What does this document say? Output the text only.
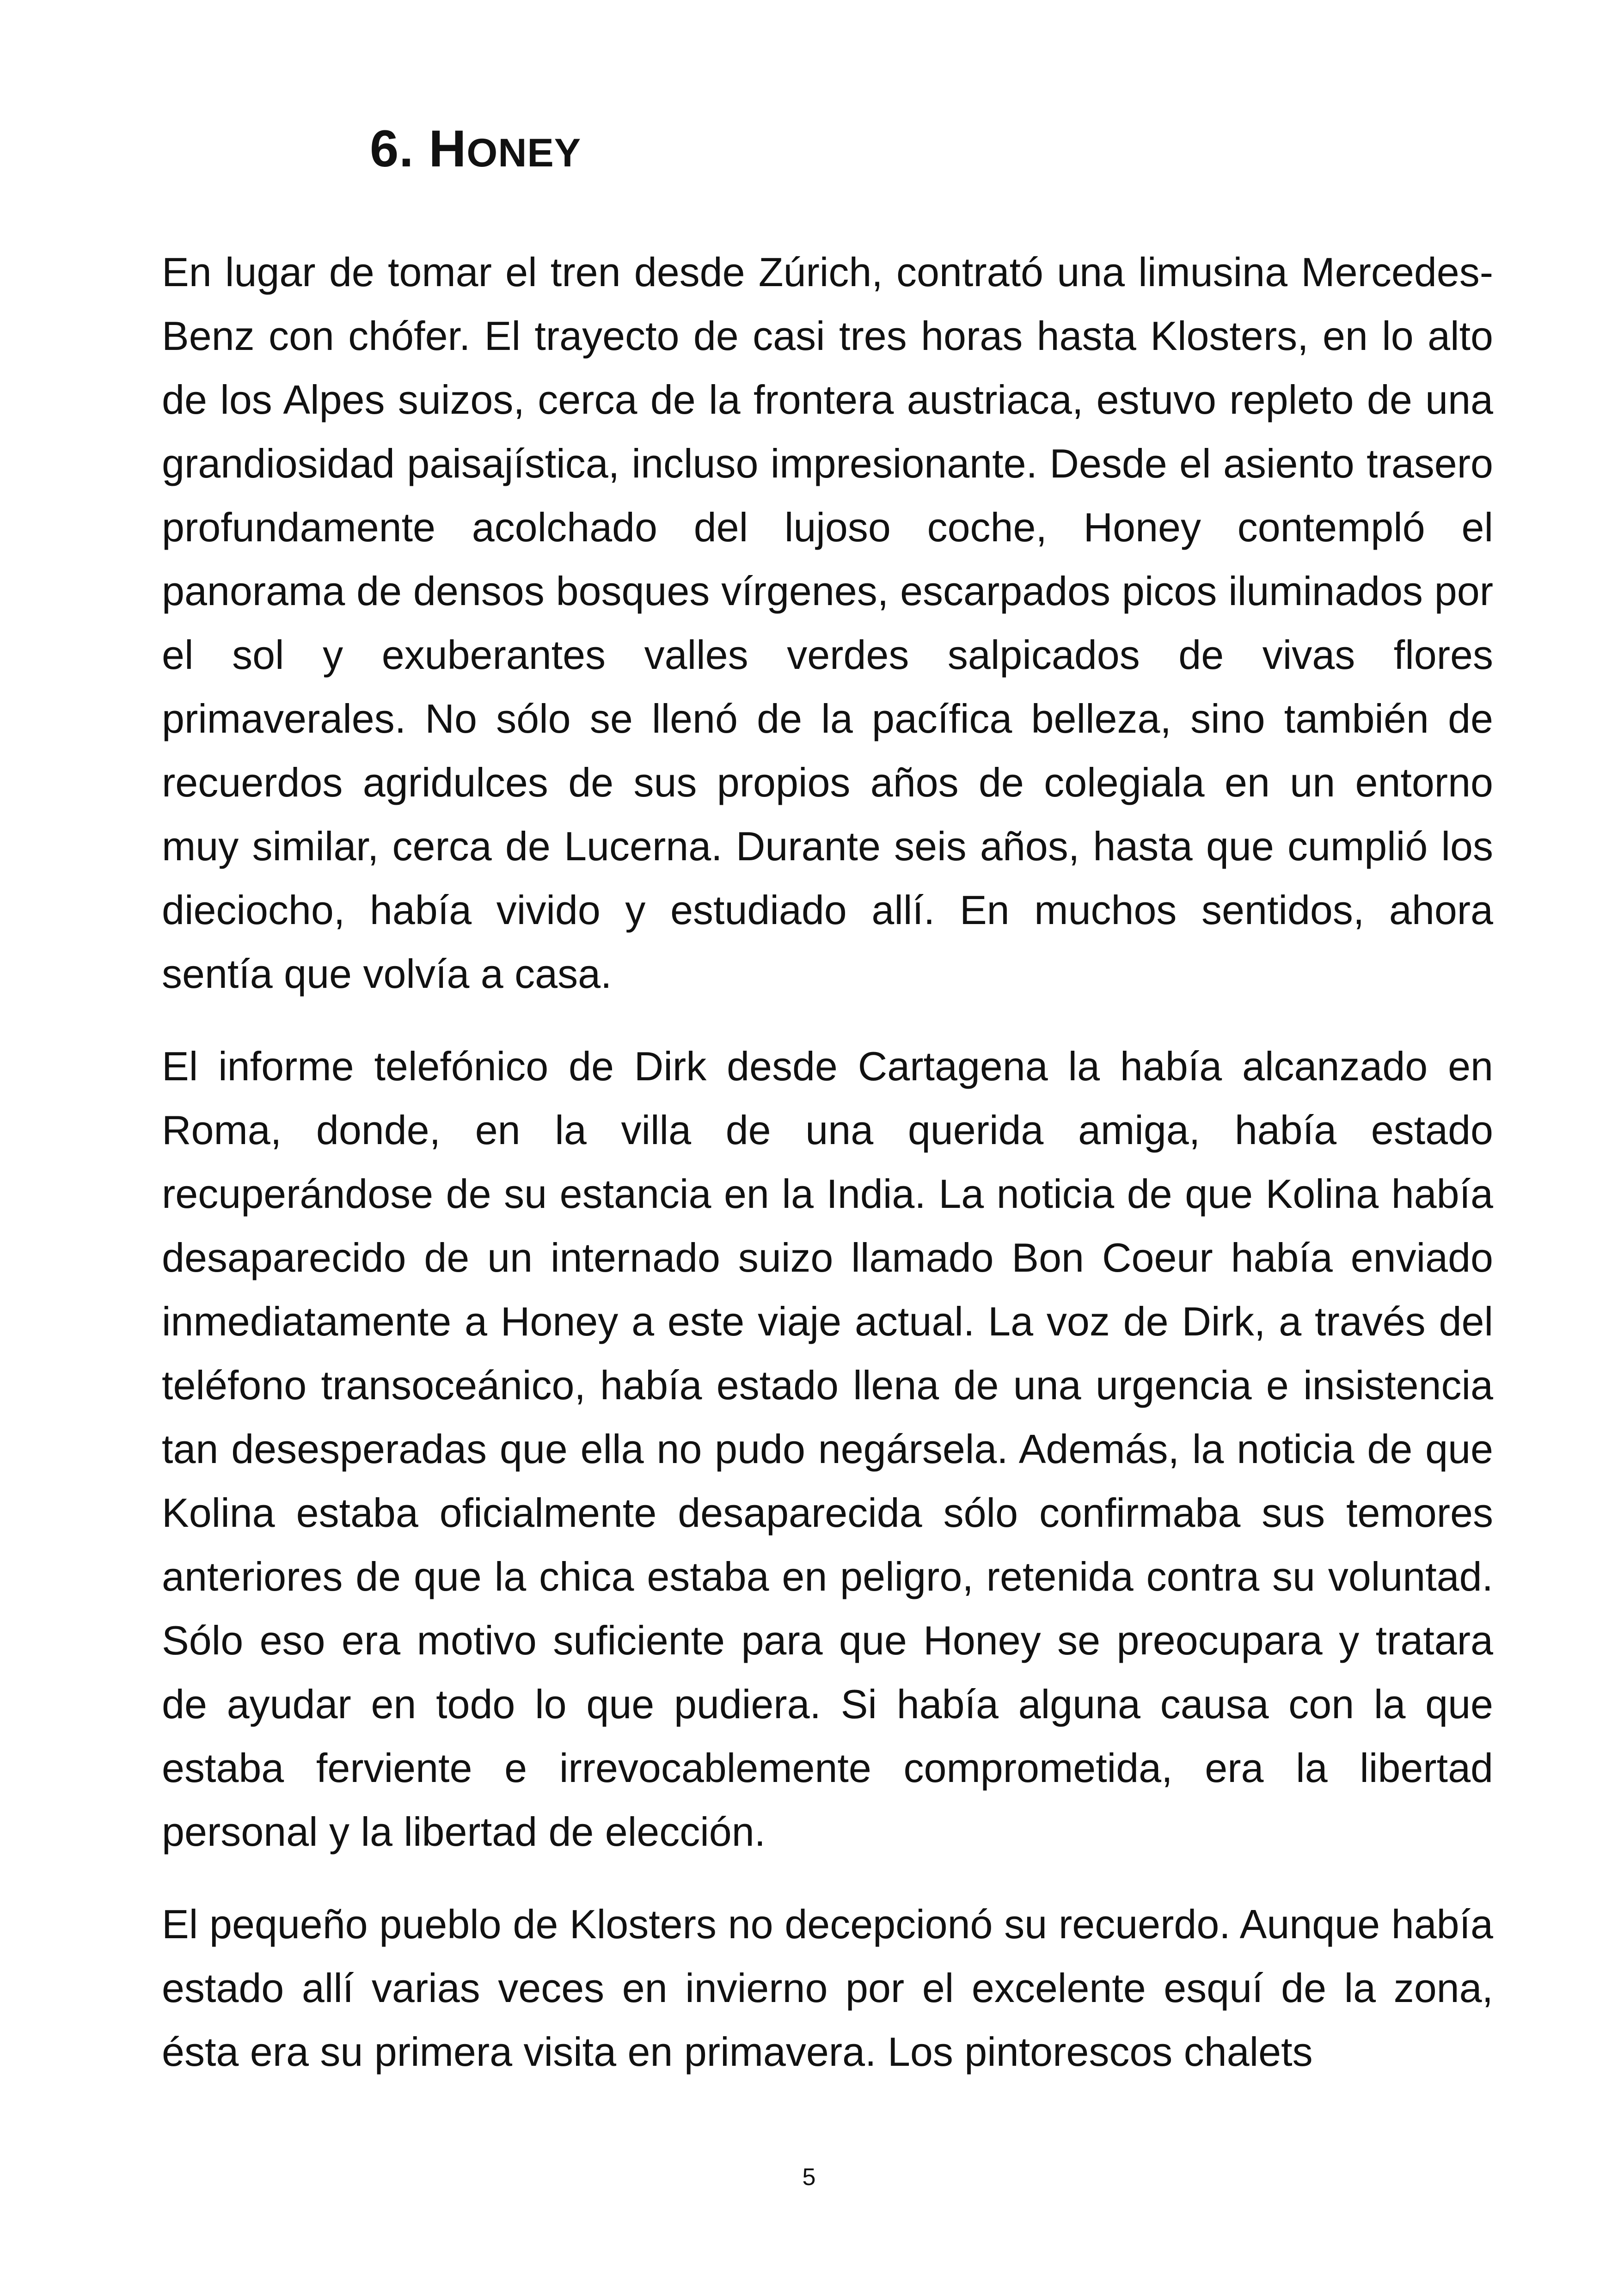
6. HONEY

En lugar de tomar el tren desde Zúrich, contrató una limusina Mercedes-Benz con chófer. El trayecto de casi tres horas hasta Klosters, en lo alto de los Alpes suizos, cerca de la frontera austriaca, estuvo repleto de una grandiosidad paisajística, incluso impresionante. Desde el asiento trasero profundamente acolchado del lujoso coche, Honey contempló el panorama de densos bosques vírgenes, escarpados picos iluminados por el sol y exuberantes valles verdes salpicados de vivas flores primaverales. No sólo se llenó de la pacífica belleza, sino también de recuerdos agridulces de sus propios años de colegiala en un entorno muy similar, cerca de Lucerna. Durante seis años, hasta que cumplió los dieciocho, había vivido y estudiado allí. En muchos sentidos, ahora sentía que volvía a casa.

El informe telefónico de Dirk desde Cartagena la había alcanzado en Roma, donde, en la villa de una querida amiga, había estado recuperándose de su estancia en la India. La noticia de que Kolina había desaparecido de un internado suizo llamado Bon Coeur había enviado inmediatamente a Honey a este viaje actual. La voz de Dirk, a través del teléfono transoceánico, había estado llena de una urgencia e insistencia tan desesperadas que ella no pudo negársela. Además, la noticia de que Kolina estaba oficialmente desaparecida sólo confirmaba sus temores anteriores de que la chica estaba en peligro, retenida contra su voluntad. Sólo eso era motivo suficiente para que Honey se preocupara y tratara de ayudar en todo lo que pudiera. Si había alguna causa con la que estaba ferviente e irrevocablemente comprometida, era la libertad personal y la libertad de elección.

El pequeño pueblo de Klosters no decepcionó su recuerdo. Aunque había estado allí varias veces en invierno por el excelente esquí de la zona, ésta era su primera visita en primavera. Los pintorescos chalets

5
